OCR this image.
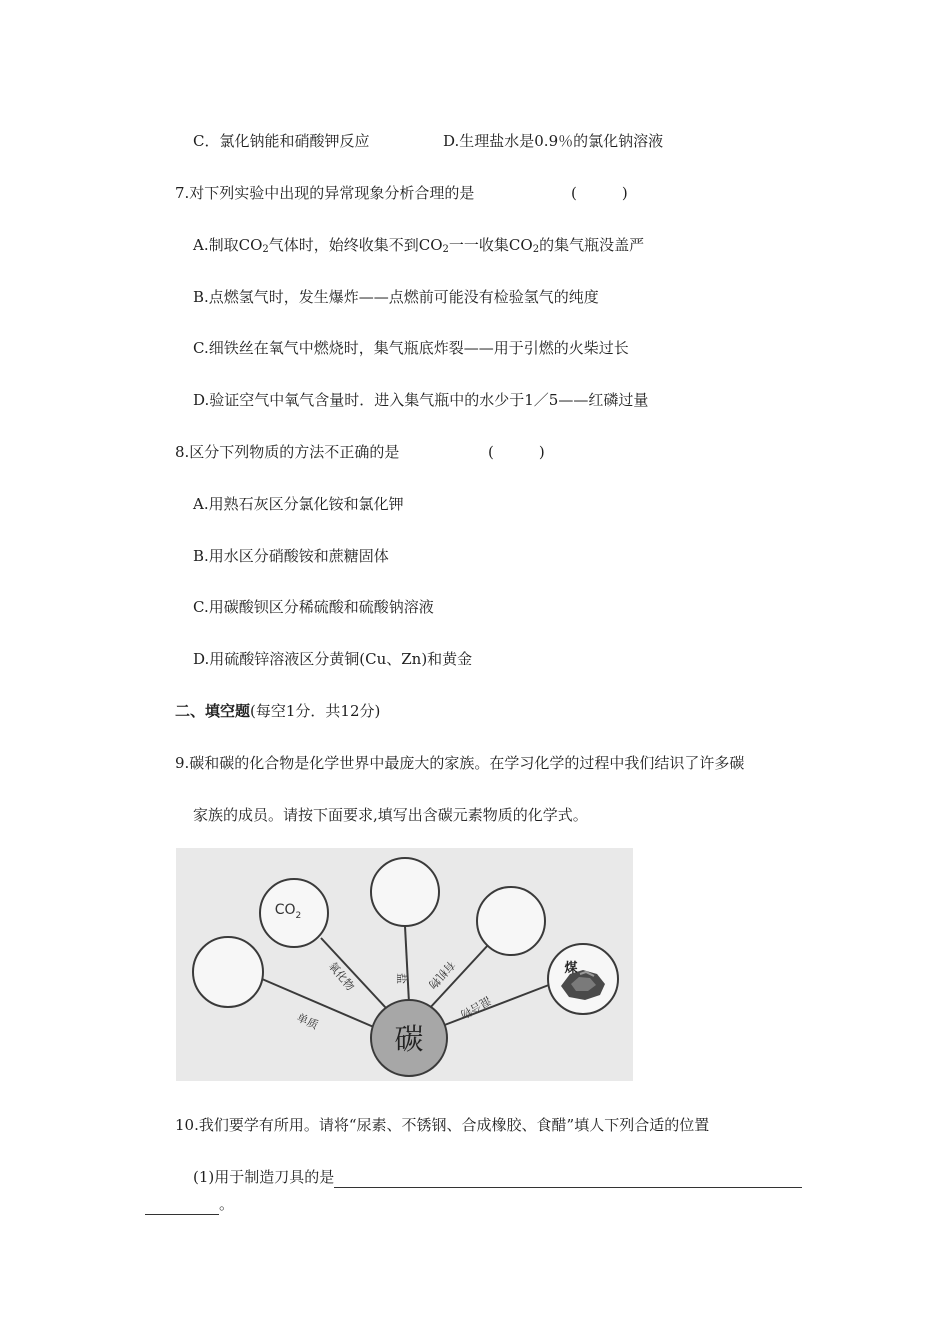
C．氯化钠能和硝酸钾反应	D.生理盐水是0.9％的氯化钠溶液
7.对下列实验中出现的异常现象分析合理的是	(　　　)
A.制取$CO_2$气体时，始终收集不到$CO_2$一一收集$CO_2$的集气瓶没盖严
B.点燃氢气时，发生爆炸——点燃前可能没有检验氢气的纯度
C.细铁丝在氧气中燃烧时，集气瓶底炸裂——用于引燃的火柴过长
D.验证空气中氧气含量时．进入集气瓶中的水少于1／5——红磷过量
8.区分下列物质的方法不正确的是	(　　　)
A.用熟石灰区分氯化铵和氯化钾
B.用水区分硝酸铵和蔗糖固体
C.用碳酸钡区分稀硫酸和硫酸钠溶液
D.用硫酸锌溶液区分黄铜(Cu、Zn)和黄金
二、填空题(每空1分．共12分)
9.碳和碳的化合物是化学世界中最庞大的家族。在学习化学的过程中我们结识了许多碳
家族的成员。请按下面要求,填写出含碳元素物质的化学式。
碳
$CO_2$
煤
单质
氧化物	盐 有机物
混合物
10.我们要学有所用。请将“尿素、不锈钢、合成橡胶、食醋”填人下列合适的位置
(1)用于制造刀具的是
。
